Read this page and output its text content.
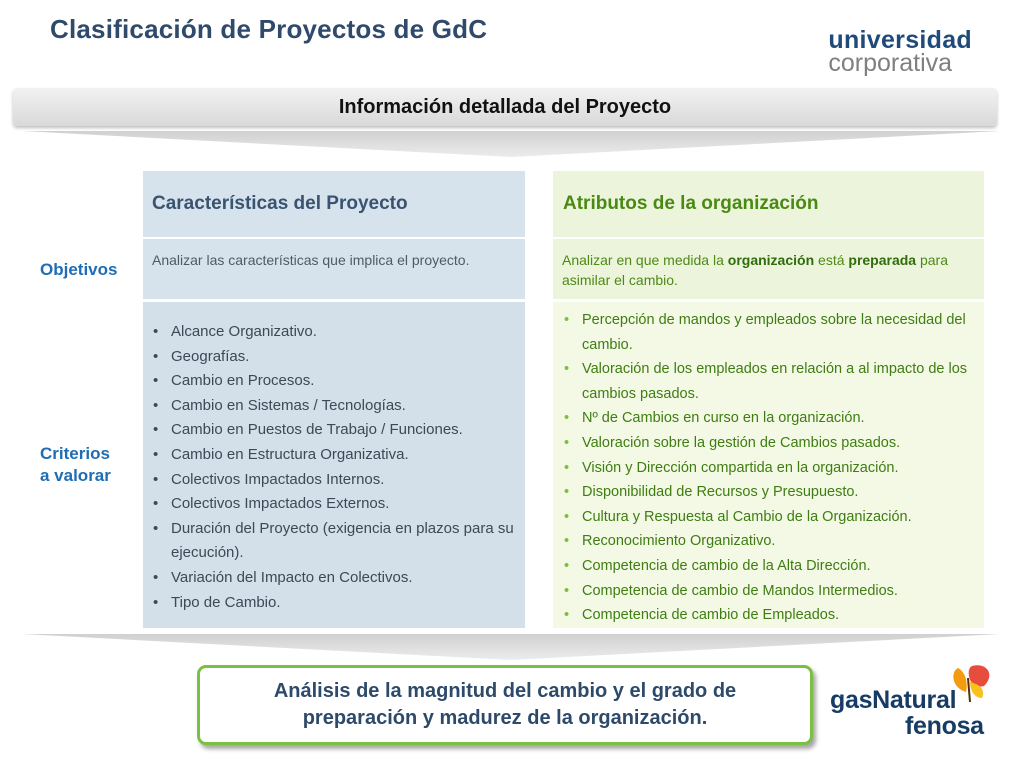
Clasificación de Proyectos de GdC	universidad
corporativa
Información detallada del Proyecto
Objetivos
Criterios
a valorar
Características del Proyecto
Analizar las características que implica el proyecto.
• Alcance Organizativo.
• Geografías.
• Cambio en Procesos.
• Cambio en Sistemas / Tecnologías.
• Cambio en Puestos de Trabajo / Funciones.
• Cambio en Estructura Organizativa.
• Colectivos Impactados Internos.
• Colectivos Impactados Externos.
• Duración del Proyecto (exigencia en plazos para su ejecución).
• Variación del Impacto en Colectivos.
• Tipo de Cambio.
Atributos de la organización
Analizar en que medida la organización está preparada para asimilar el cambio.
• Percepción de mandos y empleados sobre la necesidad del cambio.
• Valoración de los empleados en relación a al impacto de los cambios pasados.
• Nº de Cambios en curso en la organización.
• Valoración sobre la gestión de Cambios pasados.
• Visión y Dirección compartida en la organización.
• Disponibilidad de Recursos y Presupuesto.
• Cultura y Respuesta al Cambio de la Organización.
• Reconocimiento Organizativo.
• Competencia de cambio de la Alta Dirección.
• Competencia de cambio de Mandos Intermedios.
• Competencia de cambio de Empleados.
Análisis de la magnitud del cambio y el grado de
preparación y madurez de la organización.
gasNatural
fenosa
